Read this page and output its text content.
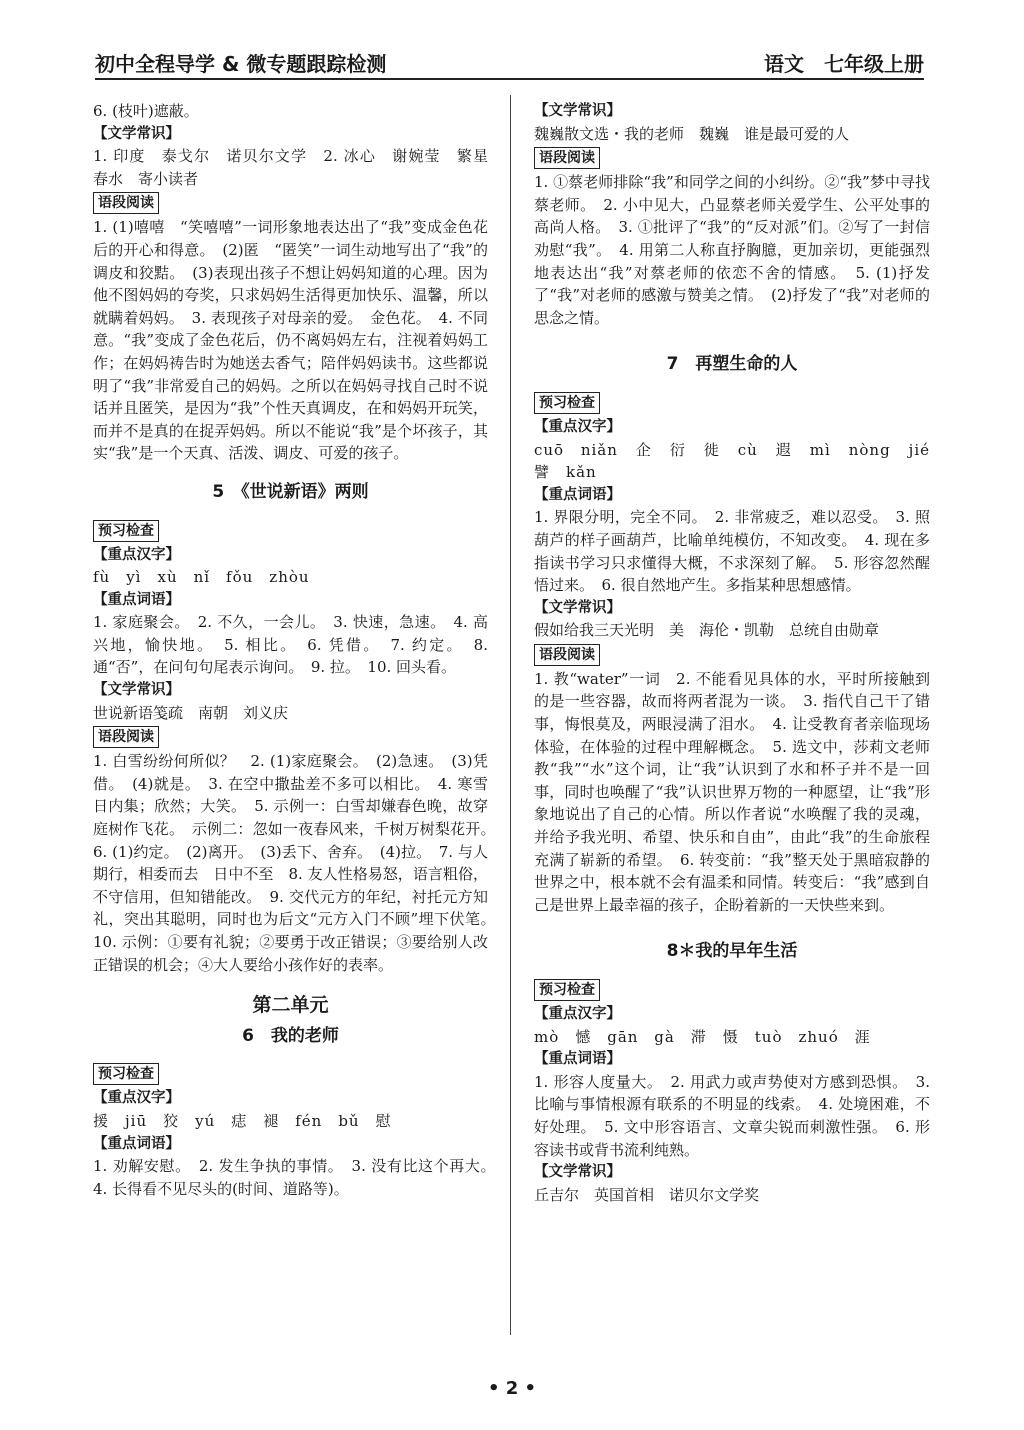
初中全程导学 & 微专题跟踪检测	语文　七年级上册

6. (枝叶)遮蔽。

【文学常识】

1. 印度　泰戈尔　诺贝尔文学　2. 冰心　谢婉莹　繁星　春水　寄小读者

语段阅读

1. (1)嘻嘻　“笑嘻嘻”一词形象地表达出了“我”变成金色花后的开心和得意。　(2)匿　“匿笑”一词生动地写出了“我”的调皮和狡黠。　(3)表现出孩子不想让妈妈知道的心理。因为他不图妈妈的夸奖，只求妈妈生活得更加快乐、温馨，所以就瞒着妈妈。　3. 表现孩子对母亲的爱。　金色花。　4. 不同意。“我”变成了金色花后，仍不离妈妈左右，注视着妈妈工作；在妈妈祷告时为她送去香气；陪伴妈妈读书。这些都说明了“我”非常爱自己的妈妈。之所以在妈妈寻找自己时不说话并且匿笑，是因为“我”个性天真调皮，在和妈妈开玩笑，而并不是真的在捉弄妈妈。所以不能说“我”是个坏孩子，其实“我”是一个天真、活泼、调皮、可爱的孩子。

5　《世说新语》两则
预习检查

【重点汉字】

fù　yì　xù　nǐ　fǒu　zhòu

【重点词语】

1. 家庭聚会。　2. 不久，一会儿。　3. 快速，急速。　4. 高兴地，愉快地。　5. 相比。　6. 凭借。　7. 约定。　8. 通“否”，在问句句尾表示询问。　9. 拉。　10. 回头看。

【文学常识】

世说新语笺疏　南朝　刘义庆

语段阅读

1. 白雪纷纷何所似？　2. (1)家庭聚会。　(2)急速。　(3)凭借。　(4)就是。　3. 在空中撒盐差不多可以相比。　4. 寒雪日内集；欣然；大笑。　5. 示例一：白雪却嫌春色晚，故穿庭树作飞花。　示例二：忽如一夜春风来，千树万树梨花开。　6. (1)约定。　(2)离开。　(3)丢下、舍弃。　(4)拉。　7. 与人期行，相委而去　日中不至　8. 友人性格易怒，语言粗俗，不守信用，但知错能改。　9. 交代元方的年纪，衬托元方知礼，突出其聪明，同时也为后文“元方入门不顾”埋下伏笔。　10. 示例：①要有礼貌；②要勇于改正错误；③要给别人改正错误的机会；④大人要给小孩作好的表率。

第二单元
6　我的老师
预习检查

【重点汉字】

援　jiū　狡　yú　痣　褪　fén　bǔ　慰

【重点词语】

1. 劝解安慰。　2. 发生争执的事情。　3. 没有比这个再大。　4. 长得看不见尽头的(时间、道路等)。

【文学常识】

魏巍散文选・我的老师　魏巍　谁是最可爱的人

语段阅读

1. ①蔡老师排除“我”和同学之间的小纠纷。②“我”梦中寻找蔡老师。　2. 小中见大，凸显蔡老师关爱学生、公平处事的高尚人格。　3. ①批评了“我”的“反对派”们。②写了一封信劝慰“我”。　4. 用第二人称直抒胸臆，更加亲切，更能强烈地表达出“我”对蔡老师的依恋不舍的情感。　5. (1)抒发了“我”对老师的感激与赞美之情。　(2)抒发了“我”对老师的思念之情。

7　再塑生命的人
预习检查

【重点汉字】

cuō niǎn　企　衍　徙　cù　遐　mì　nòng　jié　譬　kǎn

【重点词语】

1. 界限分明，完全不同。　2. 非常疲乏，难以忍受。　3. 照葫芦的样子画葫芦，比喻单纯模仿，不知改变。　4. 现在多指读书学习只求懂得大概，不求深刻了解。　5. 形容忽然醒悟过来。　6. 很自然地产生。多指某种思想感情。

【文学常识】

假如给我三天光明　美　海伦・凯勒　总统自由勋章

语段阅读

1. 教“water”一词　2. 不能看见具体的水，平时所接触到的是一些容器，故而将两者混为一谈。　3. 指代自己干了错事，悔恨莫及，两眼浸满了泪水。　4. 让受教育者亲临现场体验，在体验的过程中理解概念。　5. 选文中，莎莉文老师教“我”“水”这个词，让“我”认识到了水和杯子并不是一回事，同时也唤醒了“我”认识世界万物的一种愿望，让“我”形象地说出了自己的心情。所以作者说“水唤醒了我的灵魂，并给予我光明、希望、快乐和自由”，由此“我”的生命旅程充满了崭新的希望。　6. 转变前：“我”整天处于黑暗寂静的世界之中，根本就不会有温柔和同情。转变后：“我”感到自己是世界上最幸福的孩子，企盼着新的一天快些来到。

8＊我的早年生活
预习检查

【重点汉字】

mò　憾　gān gà　滞　慑　tuò　zhuó　涯

【重点词语】

1. 形容人度量大。　2. 用武力或声势使对方感到恐惧。　3. 比喻与事情根源有联系的不明显的线索。　4. 处境困难，不好处理。　5. 文中形容语言、文章尖锐而刺激性强。　6. 形容读书或背书流利纯熟。

【文学常识】

丘吉尔　英国首相　诺贝尔文学奖

• 2 •
